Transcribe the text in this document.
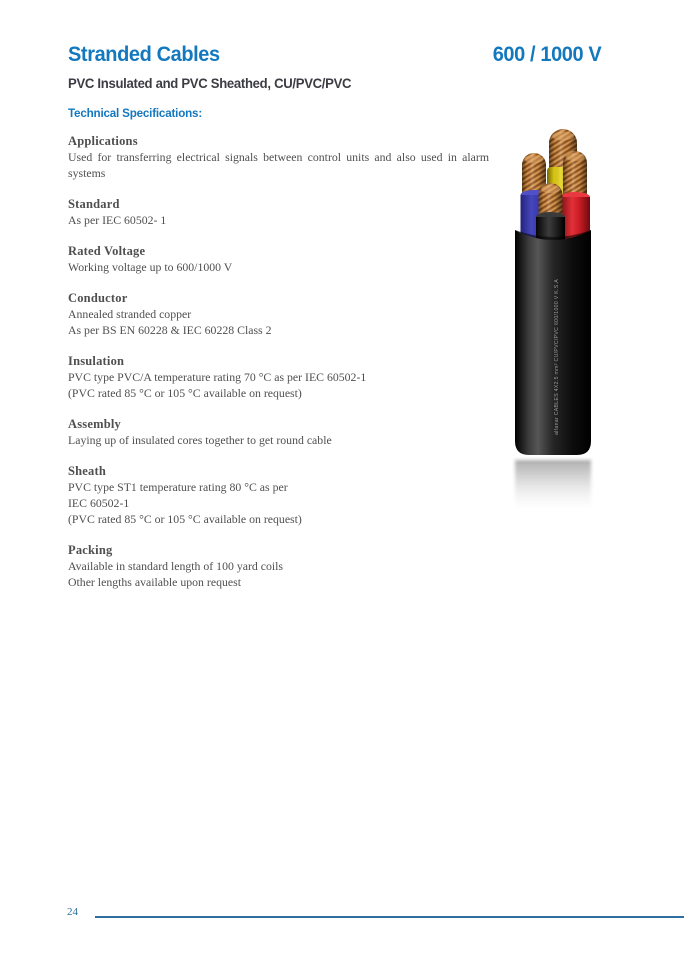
Stranded Cables	600 / 1000 V
PVC Insulated and PVC Sheathed, CU/PVC/PVC
Technical Specifications:
Applications
Used for transferring electrical signals between control units and also used in alarm systems
Standard
As per IEC 60502- 1
Rated Voltage
Working voltage up to 600/1000 V
Conductor
Annealed stranded copper
As per BS EN 60228 & IEC 60228 Class 2
Insulation
PVC type PVC/A temperature rating 70 °C as per IEC 60502-1
(PVC rated 85 °C or 105 °C available on request)
Assembly
Laying up of insulated cores together to get round cable
Sheath
PVC type ST1 temperature rating 80 °C as per
IEC 60502-1
(PVC rated 85 °C or 105 °C available on request)
Packing
Available in standard length of 100 yard coils
Other lengths available upon request
alfanar CABLES 4X2.5 mm² CU/PVC/PVC 600/1000 V K.S.A
24
